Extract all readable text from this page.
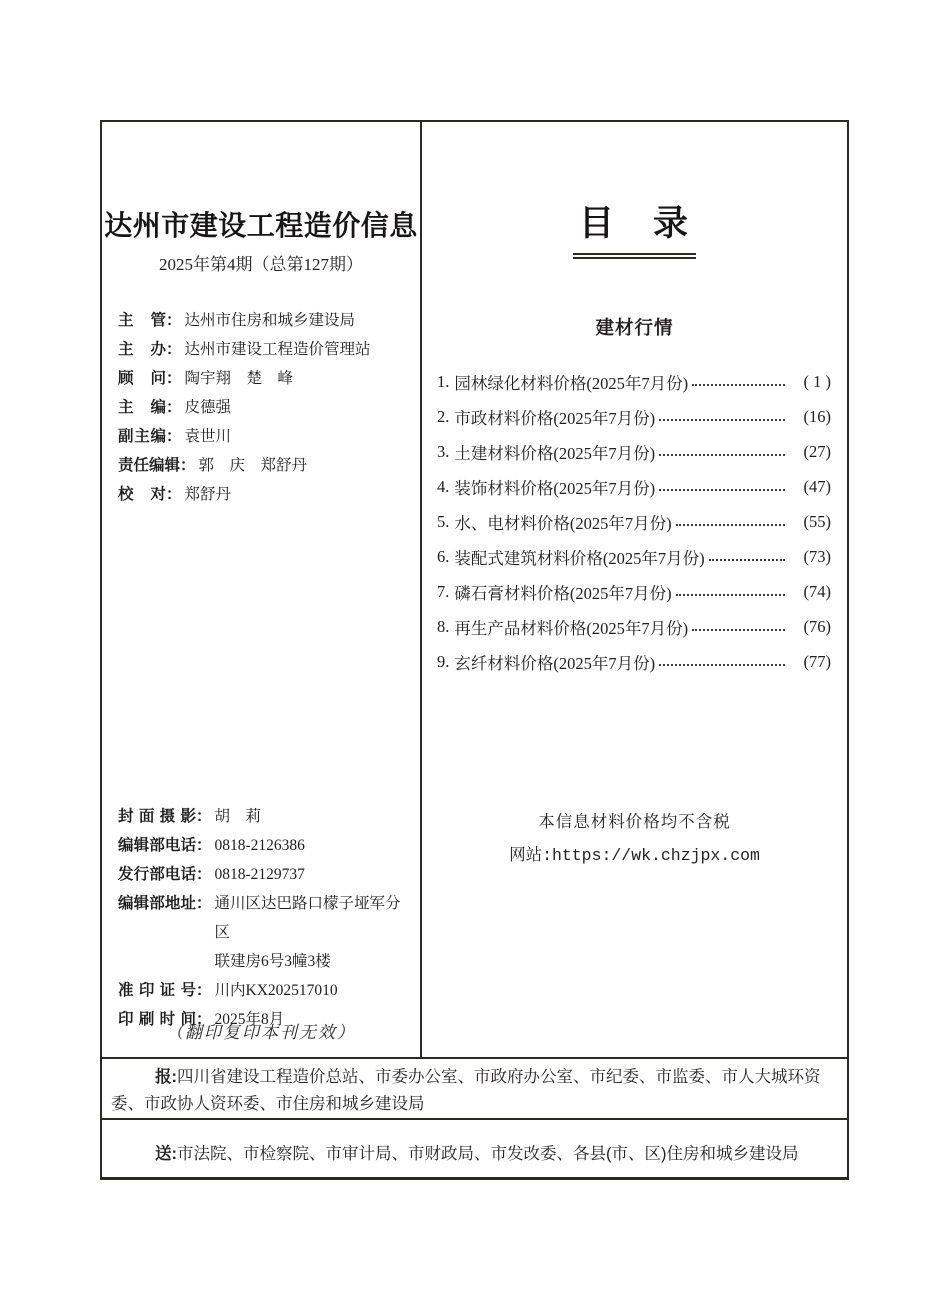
达州市建设工程造价信息
2025年第4期（总第127期）
主管 ： 达州市住房和城乡建设局
主办 ： 达州市建设工程造价管理站
顾问 ： 陶宇翔　楚　峰
主编 ： 皮德强
副主编 ： 袁世川
责任编辑 ： 郭　庆　郑舒丹
校对 ： 郑舒丹
封面摄影 ： 胡　莉
编辑部电话 ： 0818-2126386
发行部电话 ： 0818-2129737
编辑部地址 ： 通川区达巴路口檬子垭军分区
联建房6号3幢3楼
准印证号 ： 川内KX202517010
印刷时间 ： 2025年8月
（翻印复印本刊无效）
目　录
建材行情
1. 园林绿化材料价格(2025年7月份)	( 1 )
2. 市政材料价格(2025年7月份)	(16)
3. 土建材料价格(2025年7月份)	(27)
4. 装饰材料价格(2025年7月份)	(47)
5. 水、电材料价格(2025年7月份)	(55)
6. 装配式建筑材料价格(2025年7月份)	(73)
7. 磷石膏材料价格(2025年7月份)	(74)
8. 再生产品材料价格(2025年7月份)	(76)
9. 玄纤材料价格(2025年7月份)	(77)
本信息材料价格均不含税
网站:https://wk.chzjpx.com

报:四川省建设工程造价总站、市委办公室、市政府办公室、市纪委、市监委、市人大城环资委、市政协人资环委、市住房和城乡建设局

送:市法院、市检察院、市审计局、市财政局、市发改委、各县(市、区)住房和城乡建设局
